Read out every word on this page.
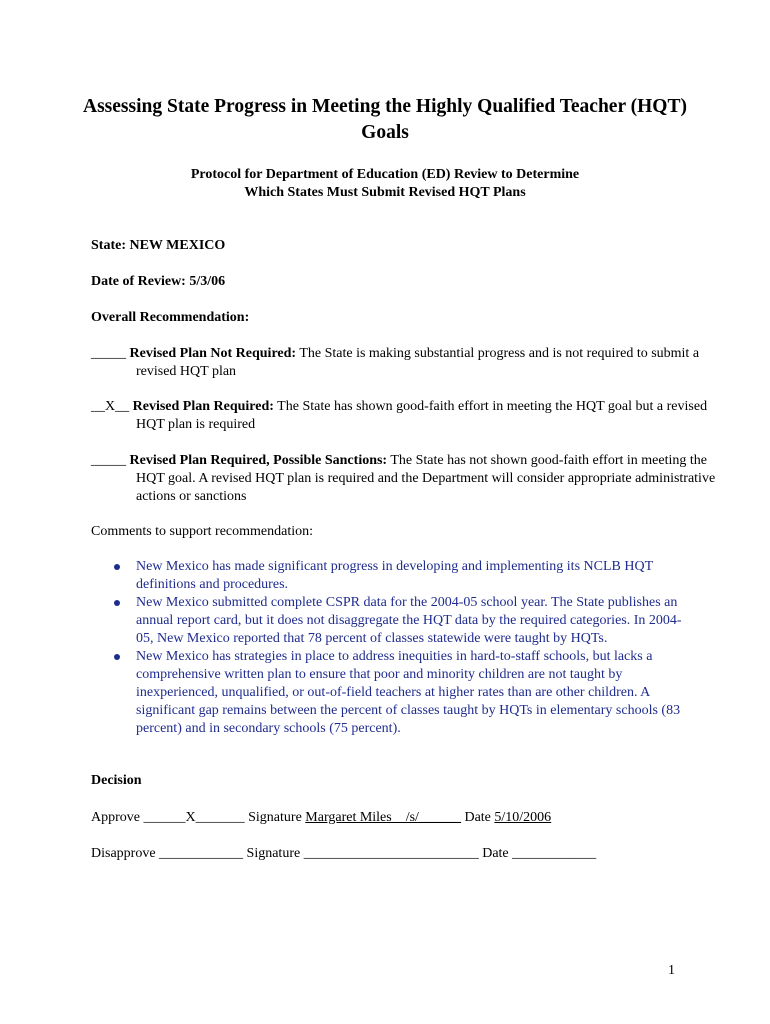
Assessing State Progress in Meeting the Highly Qualified Teacher (HQT) Goals
Protocol for Department of Education (ED) Review to Determine
Which States Must Submit Revised HQT Plans
State: NEW MEXICO
Date of Review: 5/3/06
Overall Recommendation:
_____ Revised Plan Not Required: The State is making substantial progress and is not required to submit a revised HQT plan
__X__ Revised Plan Required: The State has shown good-faith effort in meeting the HQT goal but a revised HQT plan is required
_____ Revised Plan Required, Possible Sanctions: The State has not shown good-faith effort in meeting the HQT goal. A revised HQT plan is required and the Department will consider appropriate administrative actions or sanctions
Comments to support recommendation:
New Mexico has made significant progress in developing and implementing its NCLB HQT definitions and procedures.
New Mexico submitted complete CSPR data for the 2004-05 school year. The State publishes an annual report card, but it does not disaggregate the HQT data by the required categories. In 2004-05, New Mexico reported that 78 percent of classes statewide were taught by HQTs.
New Mexico has strategies in place to address inequities in hard-to-staff schools, but lacks a comprehensive written plan to ensure that poor and minority children are not taught by inexperienced, unqualified, or out-of-field teachers at higher rates than are other children. A significant gap remains between the percent of classes taught by HQTs in elementary schools (83 percent) and in secondary schools (75 percent).
Decision
Approve ______X_______ Signature Margaret Miles    /s/______ Date 5/10/2006
Disapprove ____________ Signature _________________________ Date ____________
1
